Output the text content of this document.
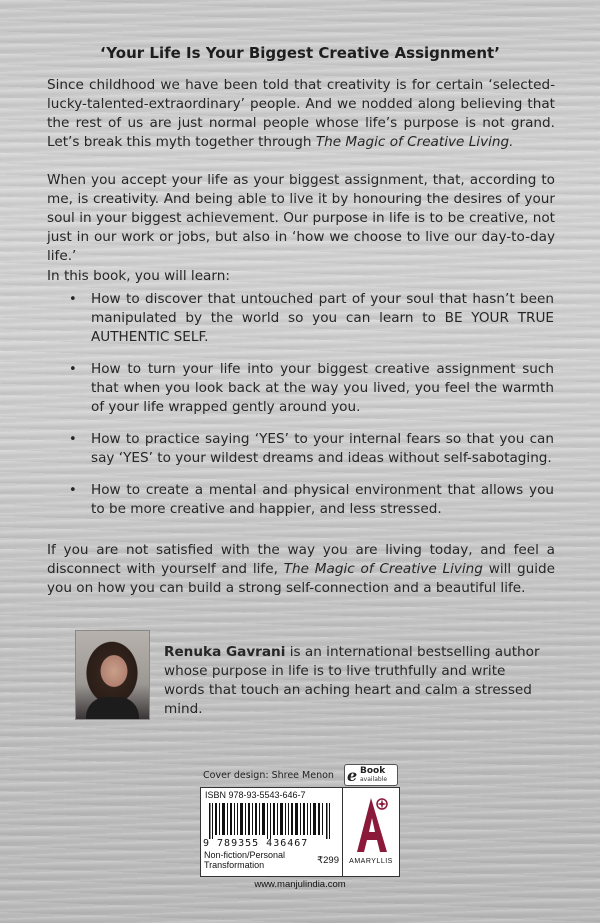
‘Your Life Is Your Biggest Creative Assignment’
Since childhood we have been told that creativity is for certain ‘selected-lucky-talented-extraordinary’ people. And we nodded along believing that the rest of us are just normal people whose life’s purpose is not grand. Let’s break this myth together through The Magic of Creative Living.
When you accept your life as your biggest assignment, that, according to me, is creativity. And being able to live it by honouring the desires of your soul in your biggest achievement. Our purpose in life is to be creative, not just in our work or jobs, but also in ‘how we choose to live our day-to-day life.’
In this book, you will learn:
• How to discover that untouched part of your soul that hasn’t been manipulated by the world so you can learn to BE YOUR TRUE AUTHENTIC SELF.
• How to turn your life into your biggest creative assignment such that when you look back at the way you lived, you feel the warmth of your life wrapped gently around you.
• How to practice saying ‘YES’ to your internal fears so that you can say ‘YES’ to your wildest dreams and ideas without self-sabotaging.
• How to create a mental and physical environment that allows you to be more creative and happier, and less stressed.
If you are not satisfied with the way you are living today, and feel a disconnect with yourself and life, The Magic of Creative Living will guide you on how you can build a strong self-connection and a beautiful life.
Renuka Gavrani is an international bestselling author whose purpose in life is to live truthfully and write words that touch an aching heart and calm a stressed mind.
Cover design: Shree Menon e Book
available
ISBN 978-93-5543-646-7
9 789355 436467
Non-fiction/Personal Transformation	₹299	AMARYLLIS
www.manjulindia.com
